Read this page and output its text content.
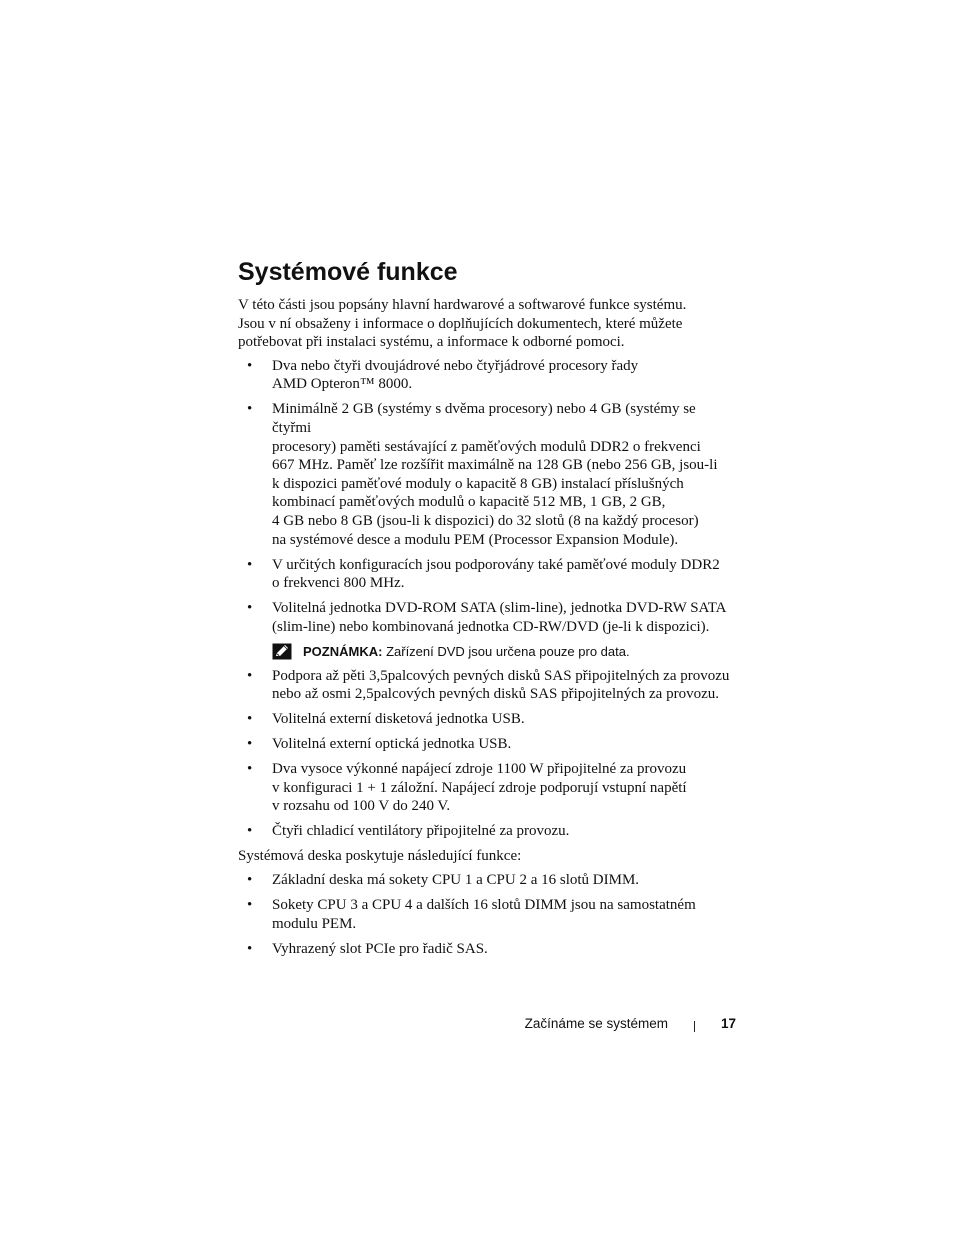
Systémové funkce

V této části jsou popsány hlavní hardwarové a softwarové funkce systému.
Jsou v ní obsaženy i informace o doplňujících dokumentech, které můžete
potřebovat při instalaci systému, a informace k odborné pomoci.

• Dva nebo čtyři dvoujádrové nebo čtyřjádrové procesory řady
AMD Opteron™ 8000.
• Minimálně 2 GB (systémy s dvěma procesory) nebo 4 GB (systémy se čtyřmi
procesory) paměti sestávající z paměťových modulů DDR2 o frekvenci
667 MHz. Paměť lze rozšířit maximálně na 128 GB (nebo 256 GB, jsou-li
k dispozici paměťové moduly o kapacitě 8 GB) instalací příslušných
kombinací paměťových modulů o kapacitě 512 MB, 1 GB, 2 GB,
4 GB nebo 8 GB (jsou-li k dispozici) do 32 slotů (8 na každý procesor)
na systémové desce a modulu PEM (Processor Expansion Module).
• V určitých konfiguracích jsou podporovány také paměťové moduly DDR2
o frekvenci 800 MHz.
• Volitelná jednotka DVD-ROM SATA (slim-line), jednotka DVD-RW SATA
(slim-line) nebo kombinovaná jednotka CD-RW/DVD (je-li k dispozici).
POZNÁMKA: Zařízení DVD jsou určena pouze pro data.
• Podpora až pěti 3,5palcových pevných disků SAS připojitelných za provozu
nebo až osmi 2,5palcových pevných disků SAS připojitelných za provozu.
• Volitelná externí disketová jednotka USB.
• Volitelná externí optická jednotka USB.
• Dva vysoce výkonné napájecí zdroje 1100 W připojitelné za provozu
v konfiguraci 1 + 1 záložní. Napájecí zdroje podporují vstupní napětí
v rozsahu od 100 V do 240 V.
• Čtyři chladicí ventilátory připojitelné za provozu.

Systémová deska poskytuje následující funkce:

• Základní deska má sokety CPU 1 a CPU 2 a 16 slotů DIMM.
• Sokety CPU 3 a CPU 4 a dalších 16 slotů DIMM jsou na samostatném
modulu PEM.
• Vyhrazený slot PCIe pro řadič SAS.
Začínáme se systémem	17
